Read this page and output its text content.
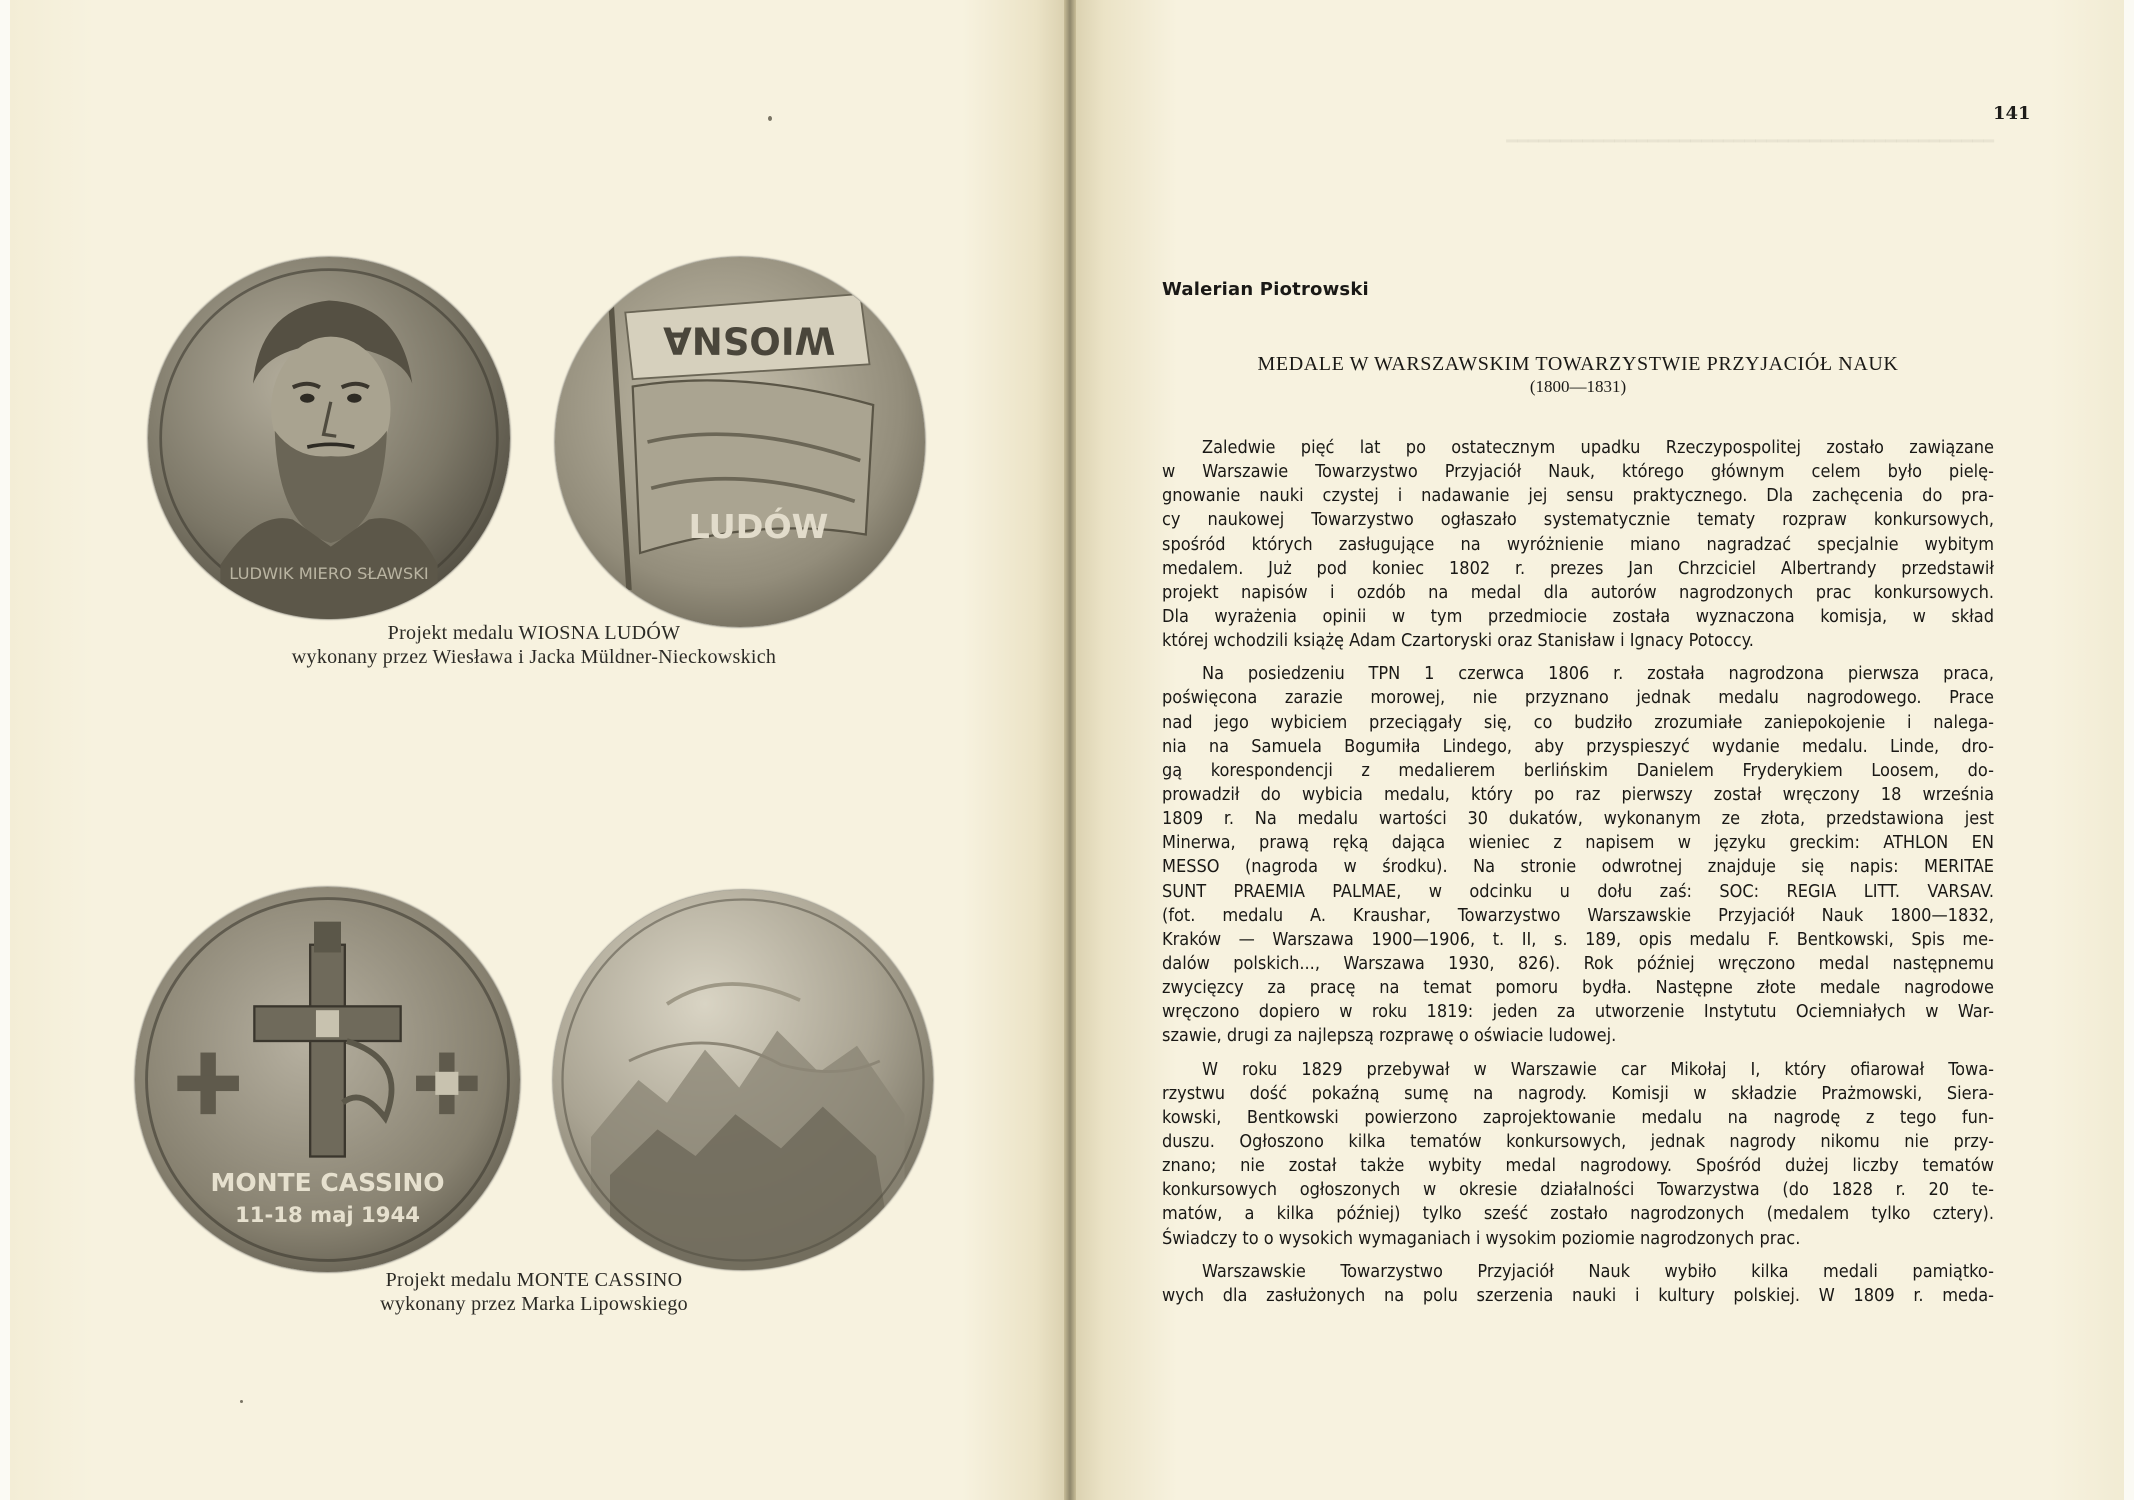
LUDWIK MIERO SŁAWSKI
WIOSNA
LUDÓW
Projekt medalu WIOSNA LUDÓW
wykonany przez Wiesława i Jacka Müldner-Nieckowskich
MONTE CASSINO
11-18 maj 1944
Projekt medalu MONTE CASSINO
wykonany przez Marka Lipowskiego
141
Walerian Piotrowski
MEDALE W WARSZAWSKIM TOWARZYSTWIE PRZYJACIÓŁ NAUK
(1800—1831)
Zaledwie pięć lat po ostatecznym upadku Rzeczypospolitej zostało zawiązane
w Warszawie Towarzystwo Przyjaciół Nauk, którego głównym celem było pielę-
gnowanie nauki czystej i nadawanie jej sensu praktycznego. Dla zachęcenia do pra-
cy naukowej Towarzystwo ogłaszało systematycznie tematy rozpraw konkursowych,
spośród których zasługujące na wyróżnienie miano nagradzać specjalnie wybitym
medalem. Już pod koniec 1802 r. prezes Jan Chrzciciel Albertrandy przedstawił
projekt napisów i ozdób na medal dla autorów nagrodzonych prac konkursowych.
Dla wyrażenia opinii w tym przedmiocie została wyznaczona komisja, w skład
której wchodzili książę Adam Czartoryski oraz Stanisław i Ignacy Potoccy.
Na posiedzeniu TPN 1 czerwca 1806 r. została nagrodzona pierwsza praca,
poświęcona zarazie morowej, nie przyznano jednak medalu nagrodowego. Prace
nad jego wybiciem przeciągały się, co budziło zrozumiałe zaniepokojenie i nalega-
nia na Samuela Bogumiła Lindego, aby przyspieszyć wydanie medalu. Linde, dro-
gą korespondencji z medalierem berlińskim Danielem Fryderykiem Loosem, do-
prowadził do wybicia medalu, który po raz pierwszy został wręczony 18 września
1809 r. Na medalu wartości 30 dukatów, wykonanym ze złota, przedstawiona jest
Minerwa, prawą ręką dająca wieniec z napisem w języku greckim: ATHLON EN
MESSO (nagroda w środku). Na stronie odwrotnej znajduje się napis: MERITAE
SUNT PRAEMIA PALMAE, w odcinku u dołu zaś: SOC: REGIA LITT. VARSAV.
(fot. medalu A. Kraushar, Towarzystwo Warszawskie Przyjaciół Nauk 1800—1832,
Kraków — Warszawa 1900—1906, t. II, s. 189, opis medalu F. Bentkowski, Spis me-
dalów polskich..., Warszawa 1930, 826). Rok później wręczono medal następnemu
zwycięzcy za pracę na temat pomoru bydła. Następne złote medale nagrodowe
wręczono dopiero w roku 1819: jeden za utworzenie Instytutu Ociemniałych w War-
szawie, drugi za najlepszą rozprawę o oświacie ludowej.
W roku 1829 przebywał w Warszawie car Mikołaj I, który ofiarował Towa-
rzystwu dość pokaźną sumę na nagrody. Komisji w składzie Prażmowski, Siera-
kowski, Bentkowski powierzono zaprojektowanie medalu na nagrodę z tego fun-
duszu. Ogłoszono kilka tematów konkursowych, jednak nagrody nikomu nie przy-
znano; nie został także wybity medal nagrodowy. Spośród dużej liczby tematów
konkursowych ogłoszonych w okresie działalności Towarzystwa (do 1828 r. 20 te-
matów, a kilka później) tylko sześć zostało nagrodzonych (medalem tylko cztery).
Świadczy to o wysokich wymaganiach i wysokim poziomie nagrodzonych prac.
Warszawskie Towarzystwo Przyjaciół Nauk wybiło kilka medali pamiątko-
wych dla zasłużonych na polu szerzenia nauki i kultury polskiej. W 1809 r. meda-
